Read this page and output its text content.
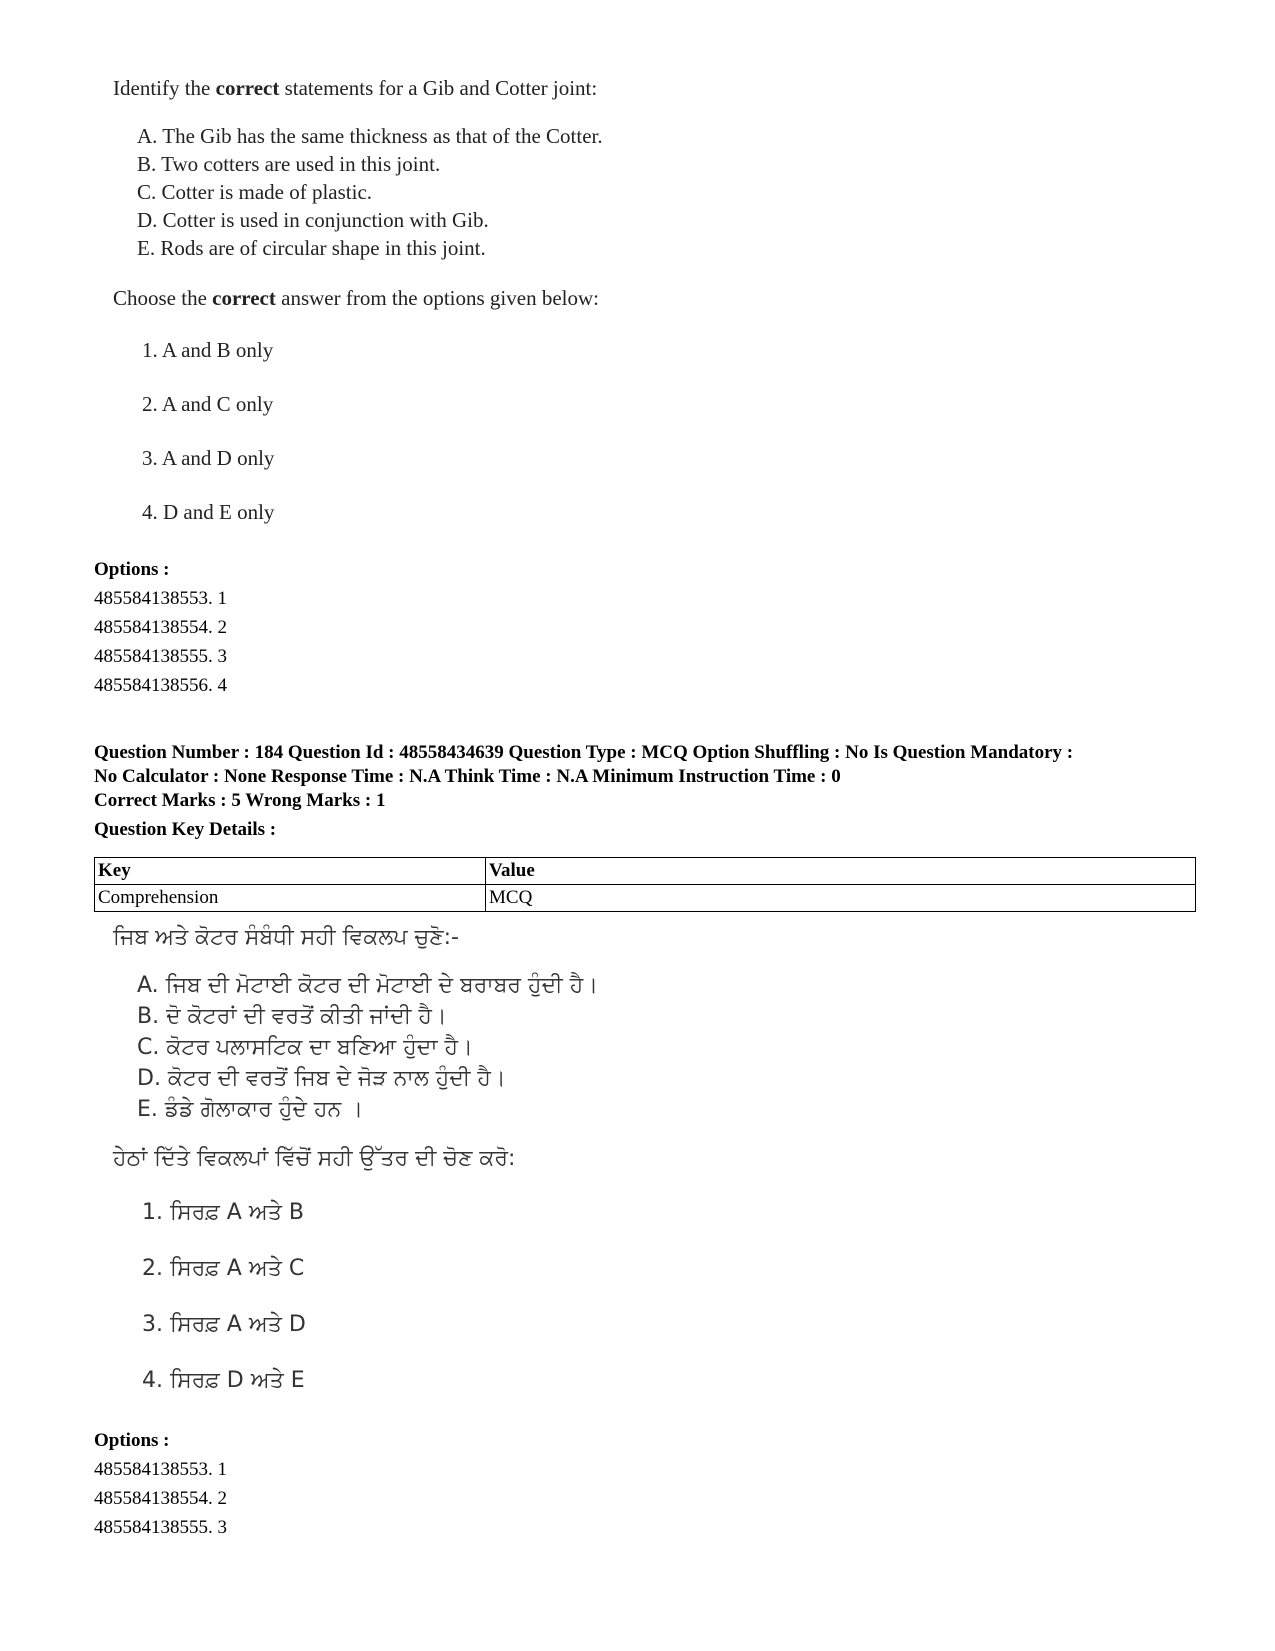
Identify the correct statements for a Gib and Cotter joint:

A. The Gib has the same thickness as that of the Cotter.
B. Two cotters are used in this joint.
C. Cotter is made of plastic.
D. Cotter is used in conjunction with Gib.
E. Rods are of circular shape in this joint.

Choose the correct answer from the options given below:

1. A and B only
2. A and C only
3. A and D only
4. D and E only

Options :

485584138553. 1
485584138554. 2
485584138555. 3
485584138556. 4

Question Number : 184 Question Id : 48558434639 Question Type : MCQ Option Shuffling : No Is Question Mandatory :
No Calculator : None Response Time : N.A Think Time : N.A Minimum Instruction Time : 0

Correct Marks : 5 Wrong Marks : 1

Question Key Details :

Key	Value
Comprehension	MCQ

ਜਿਬ ਅਤੇ ਕੋਟਰ ਸੰਬੰਧੀ ਸਹੀ ਵਿਕਲਪ ਚੁਣੋ:-

A. ਜਿਬ ਦੀ ਮੋਟਾਈ ਕੋਟਰ ਦੀ ਮੋਟਾਈ ਦੇ ਬਰਾਬਰ ਹੁੰਦੀ ਹੈ।
B. ਦੋ ਕੋਟਰਾਂ ਦੀ ਵਰਤੋਂ ਕੀਤੀ ਜਾਂਦੀ ਹੈ।
C. ਕੋਟਰ ਪਲਾਸਟਿਕ ਦਾ ਬਣਿਆ ਹੁੰਦਾ ਹੈ।
D. ਕੋਟਰ ਦੀ ਵਰਤੋਂ ਜਿਬ ਦੇ ਜੋੜ ਨਾਲ ਹੁੰਦੀ ਹੈ।
E. ਡੰਡੇ ਗੋਲਾਕਾਰ ਹੁੰਦੇ ਹਨ ।

ਹੇਠਾਂ ਦਿੱਤੇ ਵਿਕਲਪਾਂ ਵਿੱਚੋਂ ਸਹੀ ਉੱਤਰ ਦੀ ਚੋਣ ਕਰੋ:

1. ਸਿਰਫ਼ A ਅਤੇ B
2. ਸਿਰਫ਼ A ਅਤੇ C
3. ਸਿਰਫ਼ A ਅਤੇ D
4. ਸਿਰਫ਼ D ਅਤੇ E

Options :

485584138553. 1
485584138554. 2
485584138555. 3
